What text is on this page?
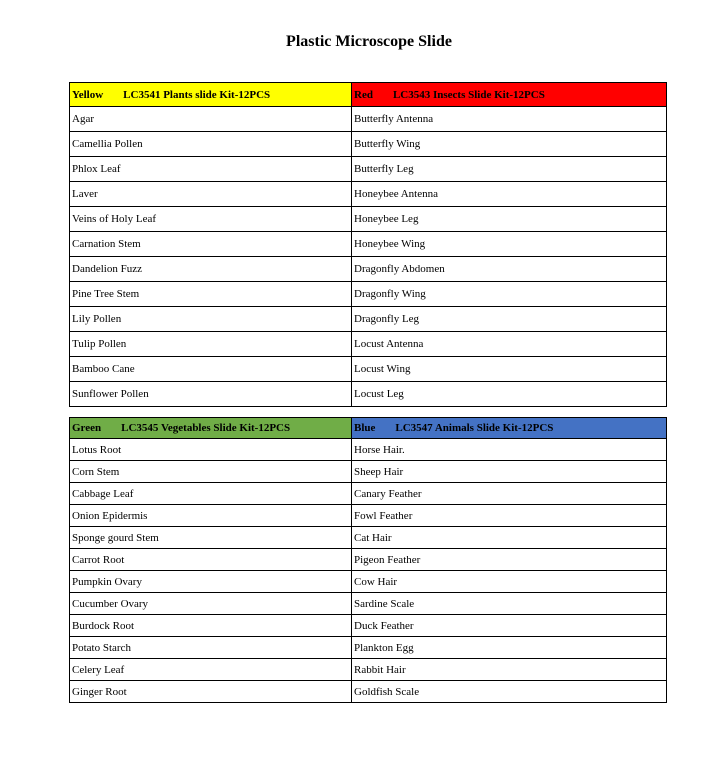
Plastic Microscope Slide
Yellow LC3541 Plants slide Kit-12PCS	Red LC3543 Insects Slide Kit-12PCS
Agar	Butterfly Antenna
Camellia Pollen	Butterfly Wing
Phlox Leaf	Butterfly Leg
Laver	Honeybee Antenna
Veins of Holy Leaf	Honeybee Leg
Carnation Stem	Honeybee Wing
Dandelion Fuzz	Dragonfly Abdomen
Pine Tree Stem	Dragonfly Wing
Lily Pollen	Dragonfly Leg
Tulip Pollen	Locust Antenna
Bamboo Cane	Locust Wing
Sunflower Pollen	Locust Leg
Green LC3545 Vegetables Slide Kit-12PCS	Blue LC3547 Animals Slide Kit-12PCS
Lotus Root	Horse Hair.
Corn Stem	Sheep Hair
Cabbage Leaf	Canary Feather
Onion Epidermis	Fowl Feather
Sponge gourd Stem	Cat Hair
Carrot Root	Pigeon Feather
Pumpkin Ovary	Cow Hair
Cucumber Ovary	Sardine Scale
Burdock Root	Duck Feather
Potato Starch	Plankton Egg
Celery Leaf	Rabbit Hair
Ginger Root	Goldfish Scale
